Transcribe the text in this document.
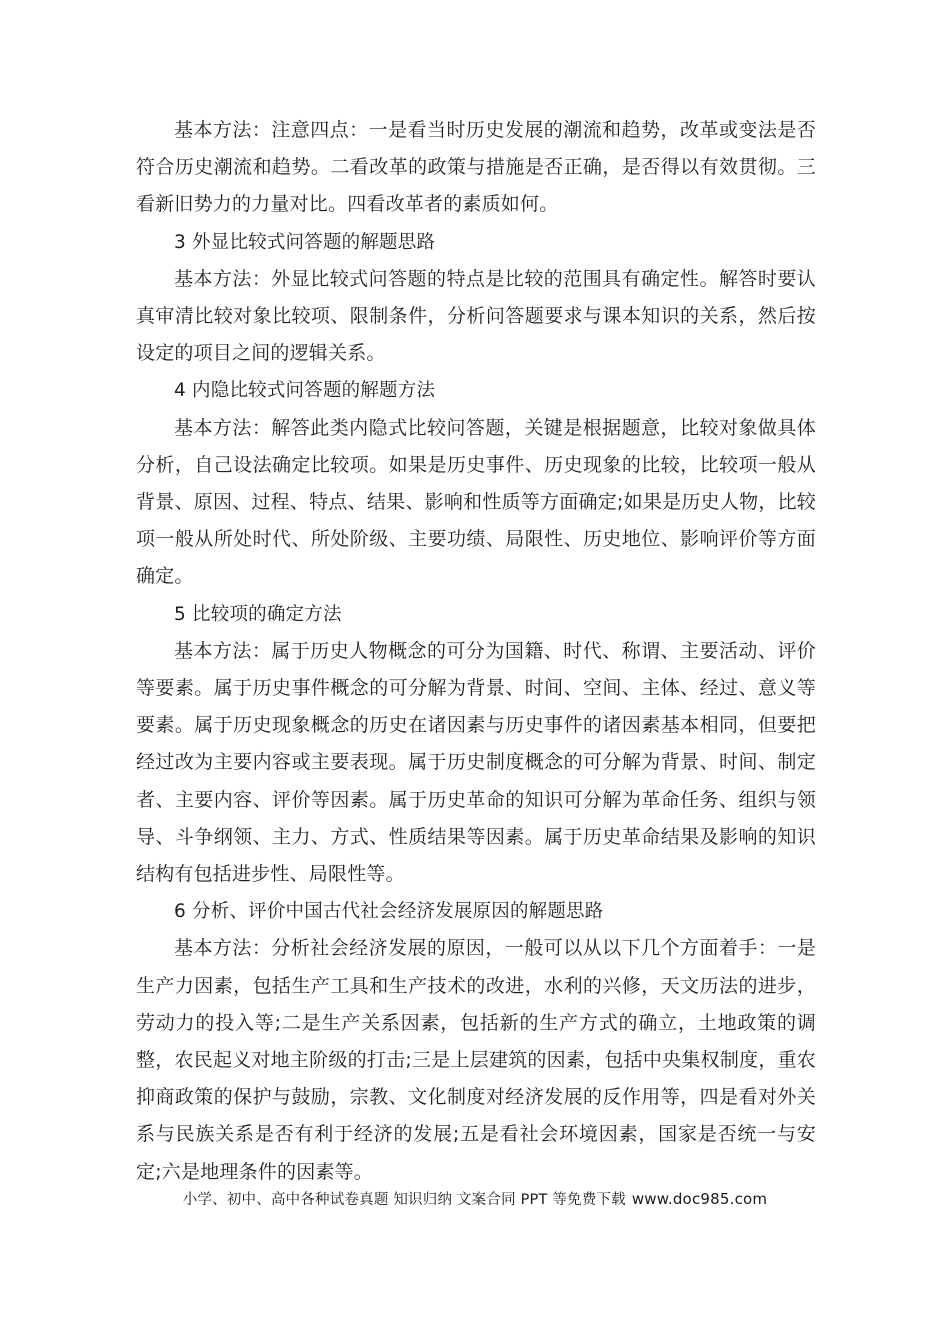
基本方法：注意四点：一是看当时历史发展的潮流和趋势，改革或变法是否符合历史潮流和趋势。二看改革的政策与措施是否正确，是否得以有效贯彻。三看新旧势力的力量对比。四看改革者的素质如何。

3 外显比较式问答题的解题思路

基本方法：外显比较式问答题的特点是比较的范围具有确定性。解答时要认真审清比较对象比较项、限制条件，分析问答题要求与课本知识的关系，然后按设定的项目之间的逻辑关系。

4 内隐比较式问答题的解题方法

基本方法：解答此类内隐式比较问答题，关键是根据题意，比较对象做具体分析，自己设法确定比较项。如果是历史事件、历史现象的比较，比较项一般从背景、原因、过程、特点、结果、影响和性质等方面确定;如果是历史人物，比较项一般从所处时代、所处阶级、主要功绩、局限性、历史地位、影响评价等方面确定。

5 比较项的确定方法

基本方法：属于历史人物概念的可分为国籍、时代、称谓、主要活动、评价等要素。属于历史事件概念的可分解为背景、时间、空间、主体、经过、意义等要素。属于历史现象概念的历史在诸因素与历史事件的诸因素基本相同，但要把经过改为主要内容或主要表现。属于历史制度概念的可分解为背景、时间、制定者、主要内容、评价等因素。属于历史革命的知识可分解为革命任务、组织与领导、斗争纲领、主力、方式、性质结果等因素。属于历史革命结果及影响的知识结构有包括进步性、局限性等。

6 分析、评价中国古代社会经济发展原因的解题思路

基本方法：分析社会经济发展的原因，一般可以从以下几个方面着手：一是生产力因素，包括生产工具和生产技术的改进，水利的兴修，天文历法的进步，劳动力的投入等;二是生产关系因素，包括新的生产方式的确立，土地政策的调整，农民起义对地主阶级的打击;三是上层建筑的因素，包括中央集权制度，重农抑商政策的保护与鼓励，宗教、文化制度对经济发展的反作用等，四是看对外关系与民族关系是否有利于经济的发展;五是看社会环境因素，国家是否统一与安定;六是地理条件的因素等。

小学、初中、高中各种试卷真题 知识归纳 文案合同 PPT 等免费下载 www.doc985.com
